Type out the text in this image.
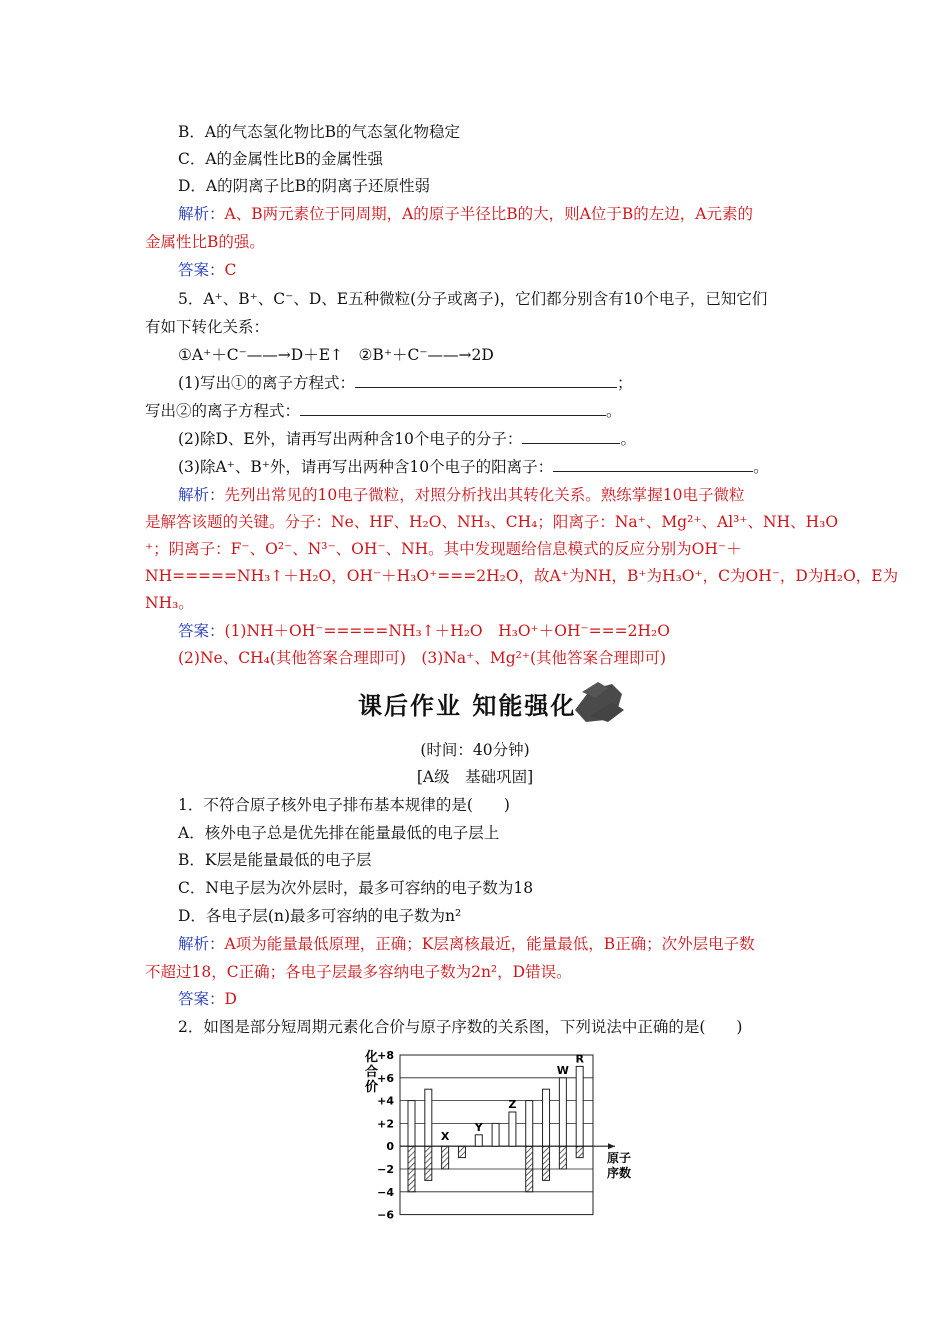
B．A的气态氢化物比B的气态氢化物稳定
C．A的金属性比B的金属性强
D．A的阴离子比B的阴离子还原性弱
解析：A、B两元素位于同周期，A的原子半径比B的大，则A位于B的左边，A元素的
金属性比B的强。
答案：C
5．A⁺、B⁺、C⁻、D、E五种微粒(分子或离子)，它们都分别含有10个电子，已知它们
有如下转化关系：
①A⁺＋C⁻——→D＋E↑　②B⁺＋C⁻——→2D
(1)写出①的离子方程式：	；
写出②的离子方程式：	。
(2)除D、E外，请再写出两种含10个电子的分子：	。
(3)除A⁺、B⁺外，请再写出两种含10个电子的阳离子：	。
解析：先列出常见的10电子微粒，对照分析找出其转化关系。熟练掌握10电子微粒
是解答该题的关键。分子：Ne、HF、H₂O、NH₃、CH₄；阳离子：Na⁺、Mg²⁺、Al³⁺、NH、H₃O
⁺；阴离子：F⁻、O²⁻、N³⁻、OH⁻、NH。其中发现题给信息模式的反应分别为OH⁻＋
NH=====NH₃↑＋H₂O，OH⁻＋H₃O⁺===2H₂O，故A⁺为NH，B⁺为H₃O⁺，C为OH⁻，D为H₂O，E为
NH₃。
答案：(1)NH＋OH⁻=====NH₃↑＋H₂O　H₃O⁺＋OH⁻===2H₂O
(2)Ne、CH₄(其他答案合理即可)　(3)Na⁺、Mg²⁺(其他答案合理即可)
课后作业 知能强化
(时间：40分钟)
[A级　基础巩固]
1．不符合原子核外电子排布基本规律的是(　　)
A．核外电子总是优先排在能量最低的电子层上
B．K层是能量最低的电子层
C．N电子层为次外层时，最多可容纳的电子数为18
D．各电子层(n)最多可容纳的电子数为n²
解析：A项为能量最低原理，正确；K层离核最近，能量最低，B正确；次外层电子数
不超过18，C正确；各电子层最多容纳电子数为2n²，D错误。
答案：D
2．如图是部分短周期元素化合价与原子序数的关系图，下列说法中正确的是(　　)
+8
+6
+4
+2
0
−2
−4
−6
化
合
价
原子
序数
X
Y
Z
W
R
